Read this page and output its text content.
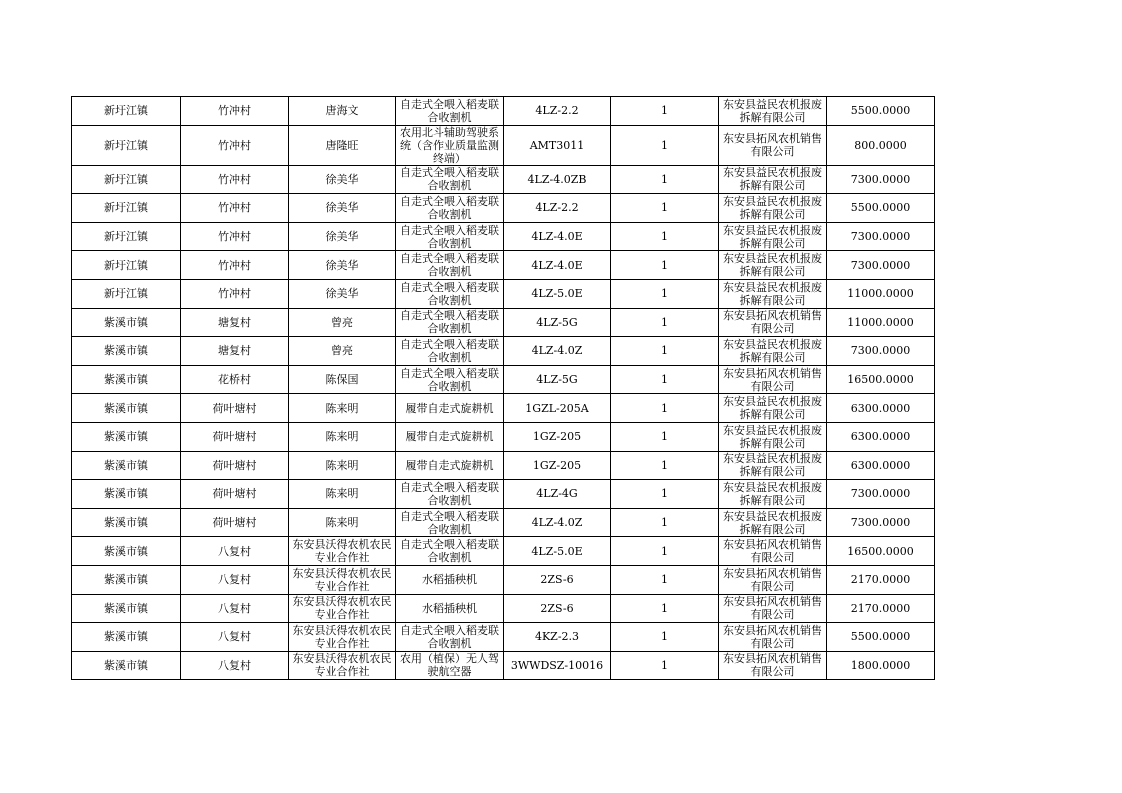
新圩江镇	竹冲村	唐海文	自走式全喂入稻麦联合收割机	4LZ-2.2	1	东安县益民农机报废拆解有限公司	5500.0000
新圩江镇	竹冲村	唐隆旺	农用北斗辅助驾驶系统（含作业质量监测终端）	AMT3011	1	东安县拓风农机销售有限公司	800.0000
新圩江镇	竹冲村	徐美华	自走式全喂入稻麦联合收割机	4LZ-4.0ZB	1	东安县益民农机报废拆解有限公司	7300.0000
新圩江镇	竹冲村	徐美华	自走式全喂入稻麦联合收割机	4LZ-2.2	1	东安县益民农机报废拆解有限公司	5500.0000
新圩江镇	竹冲村	徐美华	自走式全喂入稻麦联合收割机	4LZ-4.0E	1	东安县益民农机报废拆解有限公司	7300.0000
新圩江镇	竹冲村	徐美华	自走式全喂入稻麦联合收割机	4LZ-4.0E	1	东安县益民农机报废拆解有限公司	7300.0000
新圩江镇	竹冲村	徐美华	自走式全喂入稻麦联合收割机	4LZ-5.0E	1	东安县益民农机报废拆解有限公司	11000.0000
紫溪市镇	塘复村	曾亮	自走式全喂入稻麦联合收割机	4LZ-5G	1	东安县拓风农机销售有限公司	11000.0000
紫溪市镇	塘复村	曾亮	自走式全喂入稻麦联合收割机	4LZ-4.0Z	1	东安县益民农机报废拆解有限公司	7300.0000
紫溪市镇	花桥村	陈保国	自走式全喂入稻麦联合收割机	4LZ-5G	1	东安县拓风农机销售有限公司	16500.0000
紫溪市镇	荷叶塘村	陈来明	履带自走式旋耕机	1GZL-205A	1	东安县益民农机报废拆解有限公司	6300.0000
紫溪市镇	荷叶塘村	陈来明	履带自走式旋耕机	1GZ-205	1	东安县益民农机报废拆解有限公司	6300.0000
紫溪市镇	荷叶塘村	陈来明	履带自走式旋耕机	1GZ-205	1	东安县益民农机报废拆解有限公司	6300.0000
紫溪市镇	荷叶塘村	陈来明	自走式全喂入稻麦联合收割机	4LZ-4G	1	东安县益民农机报废拆解有限公司	7300.0000
紫溪市镇	荷叶塘村	陈来明	自走式全喂入稻麦联合收割机	4LZ-4.0Z	1	东安县益民农机报废拆解有限公司	7300.0000
紫溪市镇	八复村	东安县沃得农机农民专业合作社	自走式全喂入稻麦联合收割机	4LZ-5.0E	1	东安县拓风农机销售有限公司	16500.0000
紫溪市镇	八复村	东安县沃得农机农民专业合作社	水稻插秧机	2ZS-6	1	东安县拓风农机销售有限公司	2170.0000
紫溪市镇	八复村	东安县沃得农机农民专业合作社	水稻插秧机	2ZS-6	1	东安县拓风农机销售有限公司	2170.0000
紫溪市镇	八复村	东安县沃得农机农民专业合作社	自走式全喂入稻麦联合收割机	4KZ-2.3	1	东安县拓风农机销售有限公司	5500.0000
紫溪市镇	八复村	东安县沃得农机农民专业合作社	农用（植保）无人驾驶航空器	3WWDSZ-10016	1	东安县拓风农机销售有限公司	1800.0000
